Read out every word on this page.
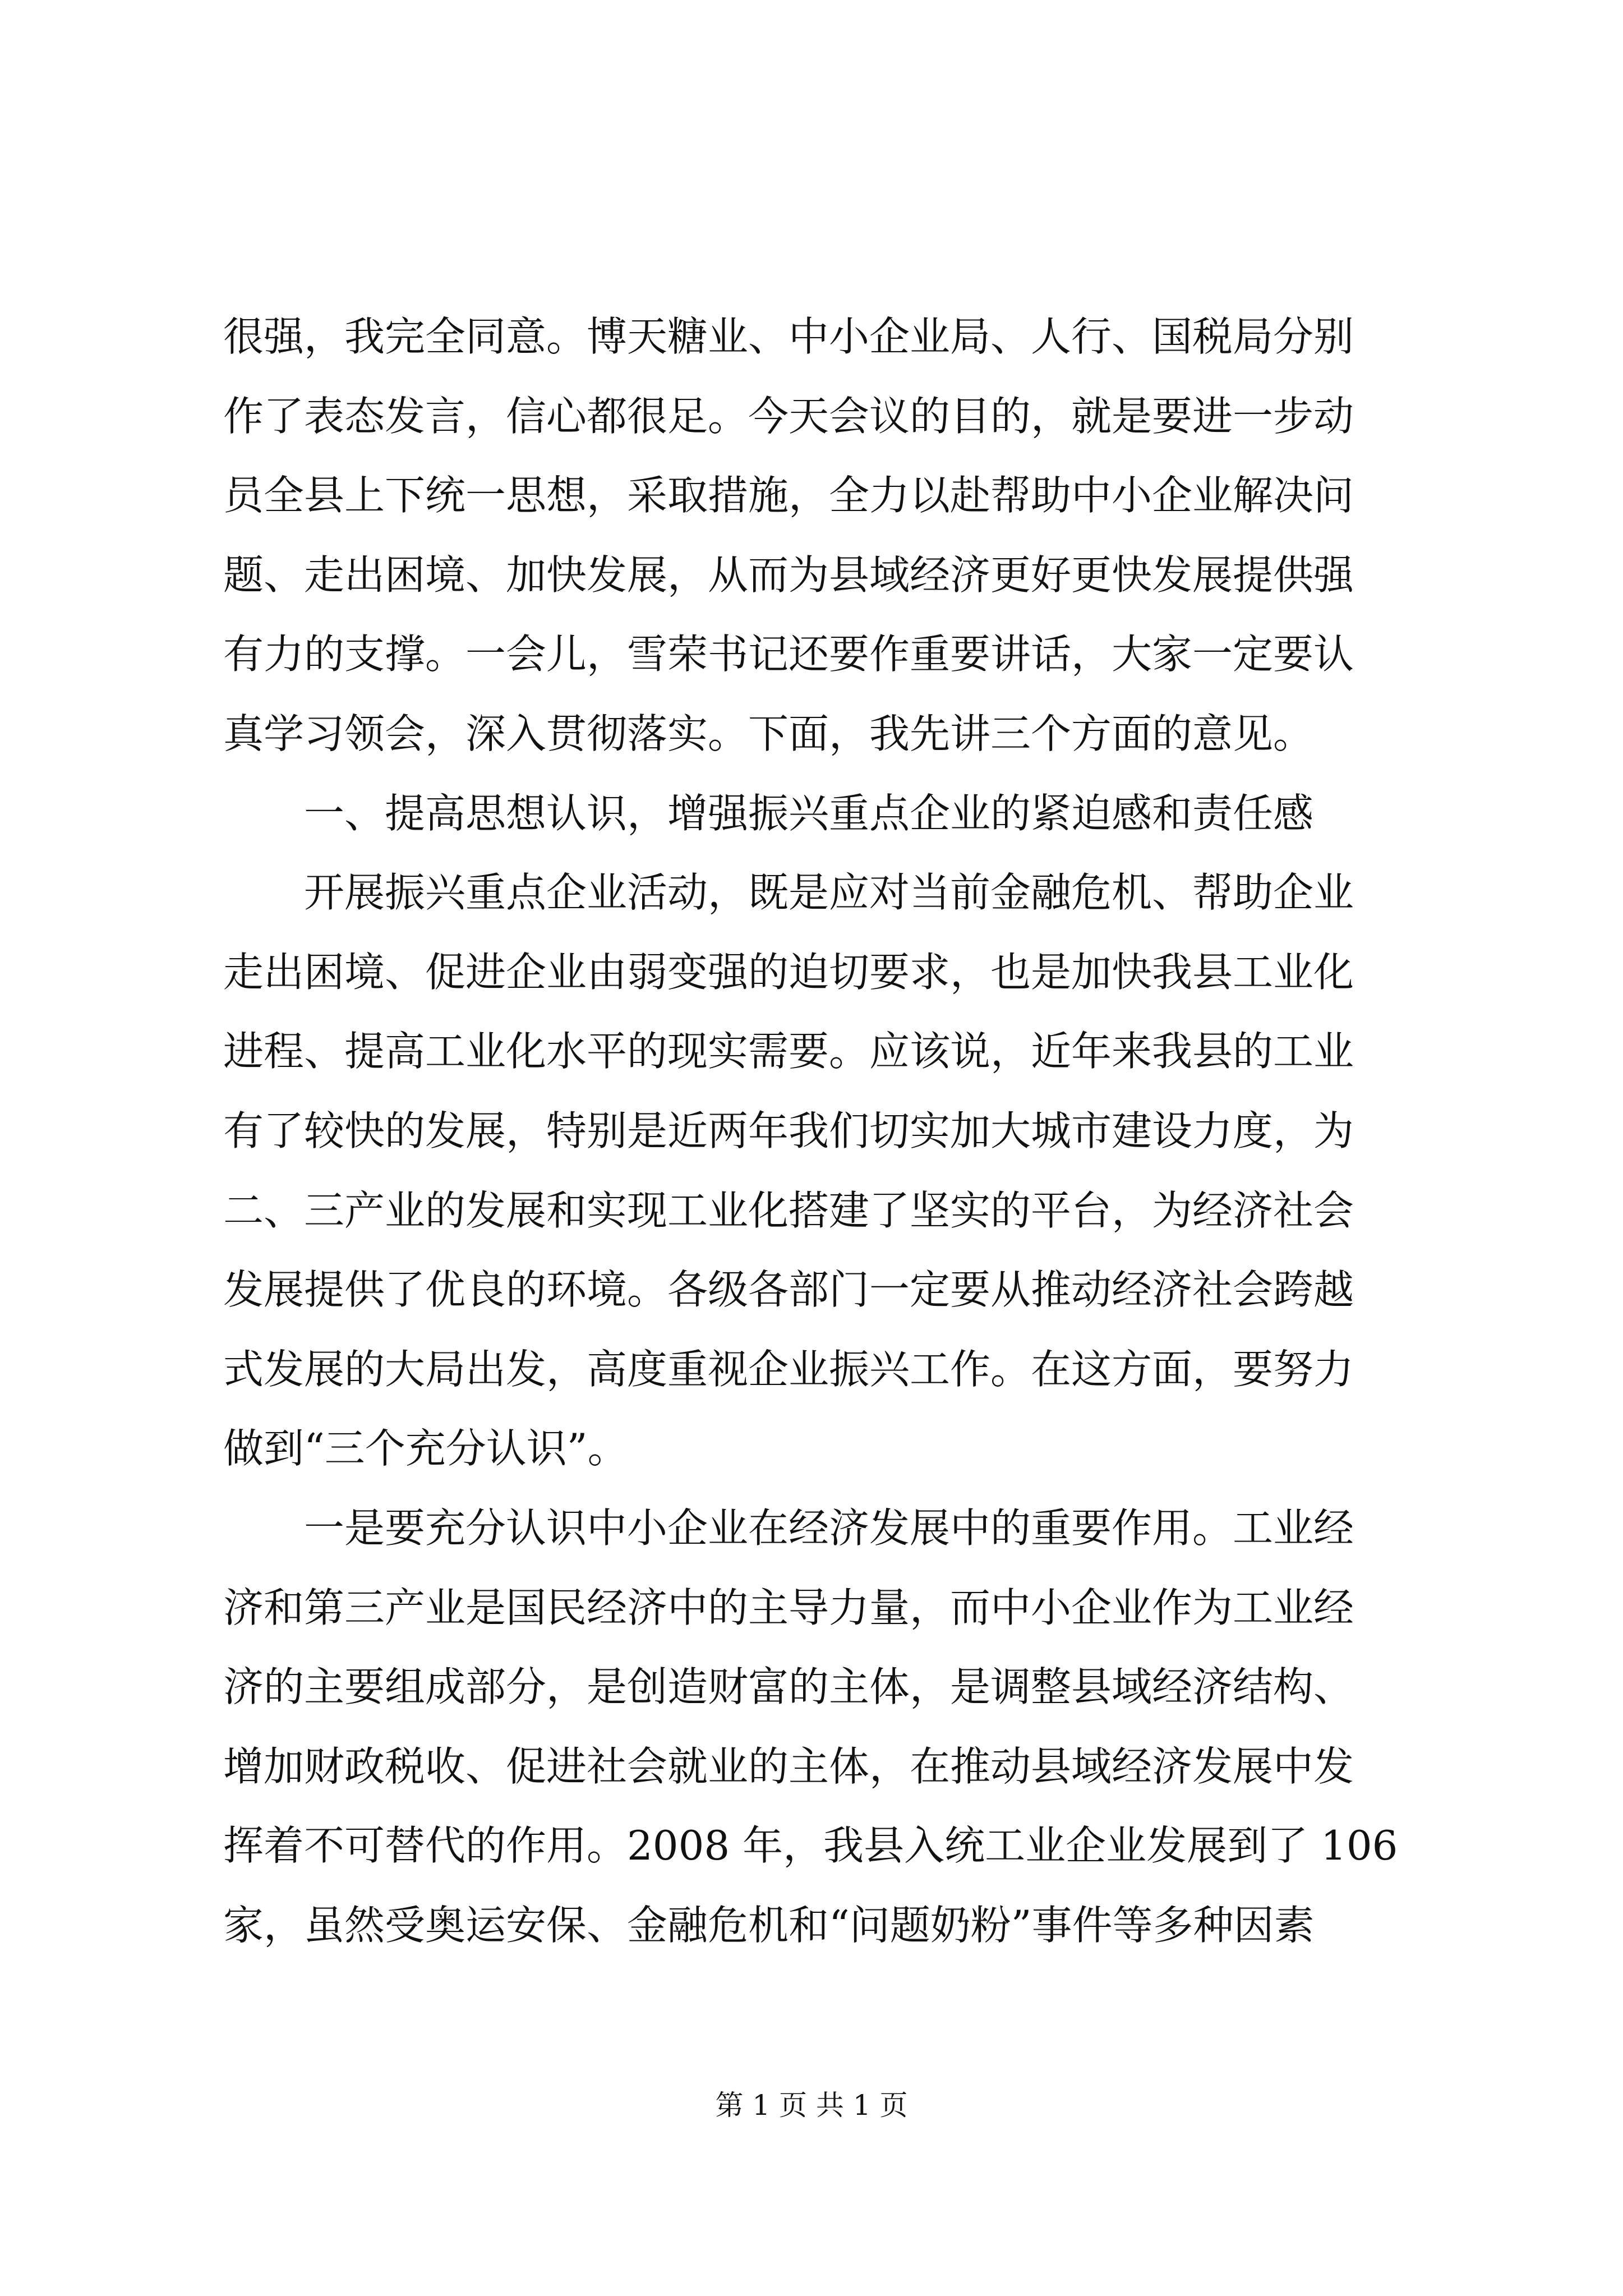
很强，我完全同意。博天糖业、中小企业局、人行、国税局分别
作了表态发言，信心都很足。今天会议的目的，就是要进一步动
员全县上下统一思想，采取措施，全力以赴帮助中小企业解决问
题、走出困境、加快发展，从而为县域经济更好更快发展提供强
有力的支撑。一会儿，雪荣书记还要作重要讲话，大家一定要认
真学习领会，深入贯彻落实。下面，我先讲三个方面的意见。
　　一、提高思想认识，增强振兴重点企业的紧迫感和责任感
　　开展振兴重点企业活动，既是应对当前金融危机、帮助企业
走出困境、促进企业由弱变强的迫切要求，也是加快我县工业化
进程、提高工业化水平的现实需要。应该说，近年来我县的工业
有了较快的发展，特别是近两年我们切实加大城市建设力度，为
二、三产业的发展和实现工业化搭建了坚实的平台，为经济社会
发展提供了优良的环境。各级各部门一定要从推动经济社会跨越
式发展的大局出发，高度重视企业振兴工作。在这方面，要努力
做到“三个充分认识”。
　　一是要充分认识中小企业在经济发展中的重要作用。工业经
济和第三产业是国民经济中的主导力量，而中小企业作为工业经
济的主要组成部分，是创造财富的主体，是调整县域经济结构、
增加财政税收、促进社会就业的主体，在推动县域经济发展中发
挥着不可替代的作用。2008 年，我县入统工业企业发展到了 106
家，虽然受奥运安保、金融危机和“问题奶粉”事件等多种因素
第 1 页 共 1 页
